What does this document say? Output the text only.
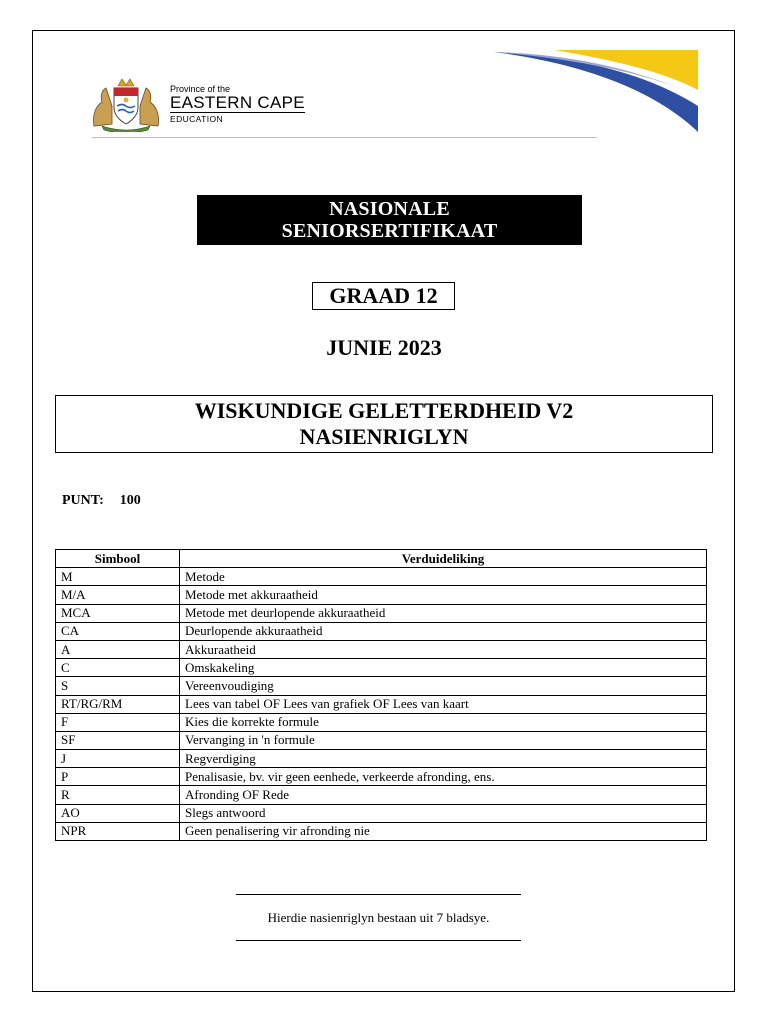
Province of the
EASTERN CAPE
EDUCATION
NASIONALE
SENIORSERTIFIKAAT
GRAAD 12
JUNIE 2023
WISKUNDIGE GELETTERDHEID V2
NASIENRIGLYN
PUNT: 100
Simbool	Verduideliking
M	Metode
M/A	Metode met akkuraatheid
MCA	Metode met deurlopende akkuraatheid
CA	Deurlopende akkuraatheid
A	Akkuraatheid
C	Omskakeling
S	Vereenvoudiging
RT/RG/RM	Lees van tabel OF Lees van grafiek OF Lees van kaart
F	Kies die korrekte formule
SF	Vervanging in 'n formule
J	Regverdiging
P	Penalisasie, bv. vir geen eenhede, verkeerde afronding, ens.
R	Afronding OF Rede
AO	Slegs antwoord
NPR	Geen penalisering vir afronding nie
Hierdie nasienriglyn bestaan uit 7 bladsye.
